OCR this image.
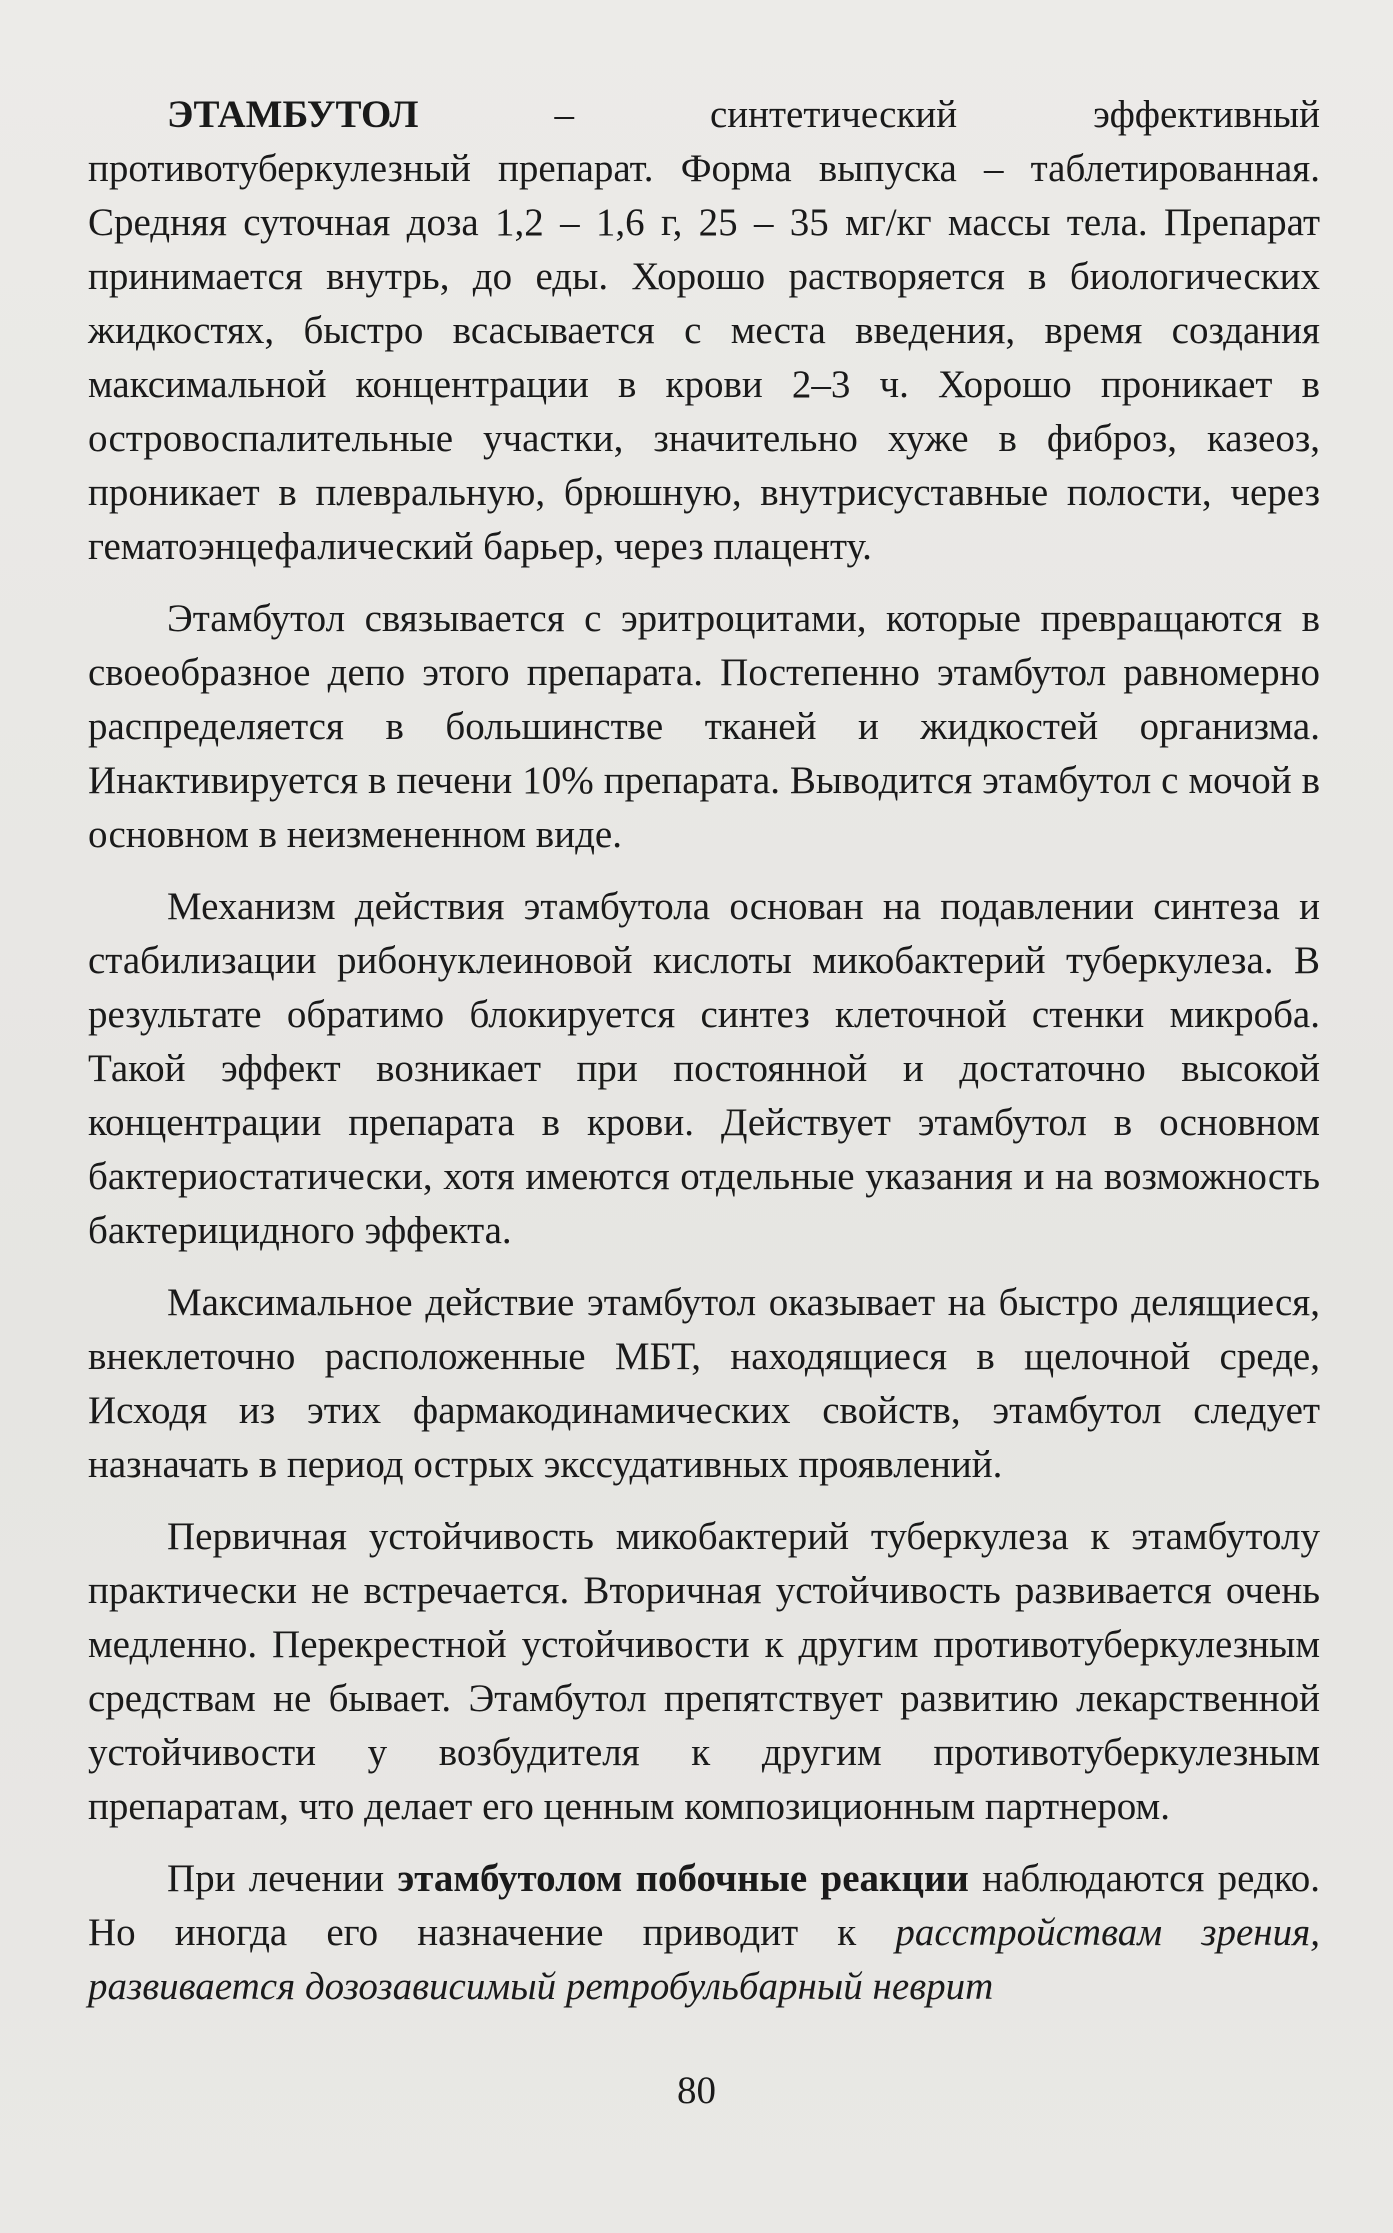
ЭТАМБУТОЛ – синтетический эффективный противотуберкулезный препарат. Форма выпуска – таблетированная. Средняя суточная доза 1,2 – 1,6 г, 25 – 35 мг/кг массы тела. Препарат принимается внутрь, до еды. Хорошо растворяется в биологических жидкостях, быстро всасывается с места введения, время создания максимальной концентрации в крови 2–3 ч. Хорошо проникает в островоспалительные участки, значительно хуже в фиброз, казеоз, проникает в плевральную, брюшную, внутрисуставные полости, через гематоэнцефалический барьер, через плаценту.

Этамбутол связывается с эритроцитами, которые превращаются в своеобразное депо этого препарата. Постепенно этамбутол равномерно распределяется в большинстве тканей и жидкостей организма. Инактивируется в печени 10% препарата. Выводится этамбутол с мочой в основном в неизмененном виде.

Механизм действия этамбутола основан на подавлении синтеза и стабилизации рибонуклеиновой кислоты микобактерий туберкулеза. В результате обратимо блокируется синтез клеточной стенки микроба. Такой эффект возникает при постоянной и достаточно высокой концентрации препарата в крови. Действует этамбутол в основном бактериостатически, хотя имеются отдельные указания и на возможность бактерицидного эффекта.

Максимальное действие этамбутол оказывает на быстро делящиеся, внеклеточно расположенные МБТ, находящиеся в щелочной среде, Исходя из этих фармакодинамических свойств, этамбутол следует назначать в период острых экссудативных проявлений.

Первичная устойчивость микобактерий туберкулеза к этамбутолу практически не встречается. Вторичная устойчивость развивается очень медленно. Перекрестной устойчивости к другим противотуберкулезным средствам не бывает. Этамбутол препятствует развитию лекарственной устойчивости у возбудителя к другим противотуберкулезным препаратам, что делает его ценным композиционным партнером.

При лечении этамбутолом побочные реакции наблюдаются редко. Но иногда его назначение приводит к расстройствам зрения, развивается дозозависимый ретробульбарный неврит

80
